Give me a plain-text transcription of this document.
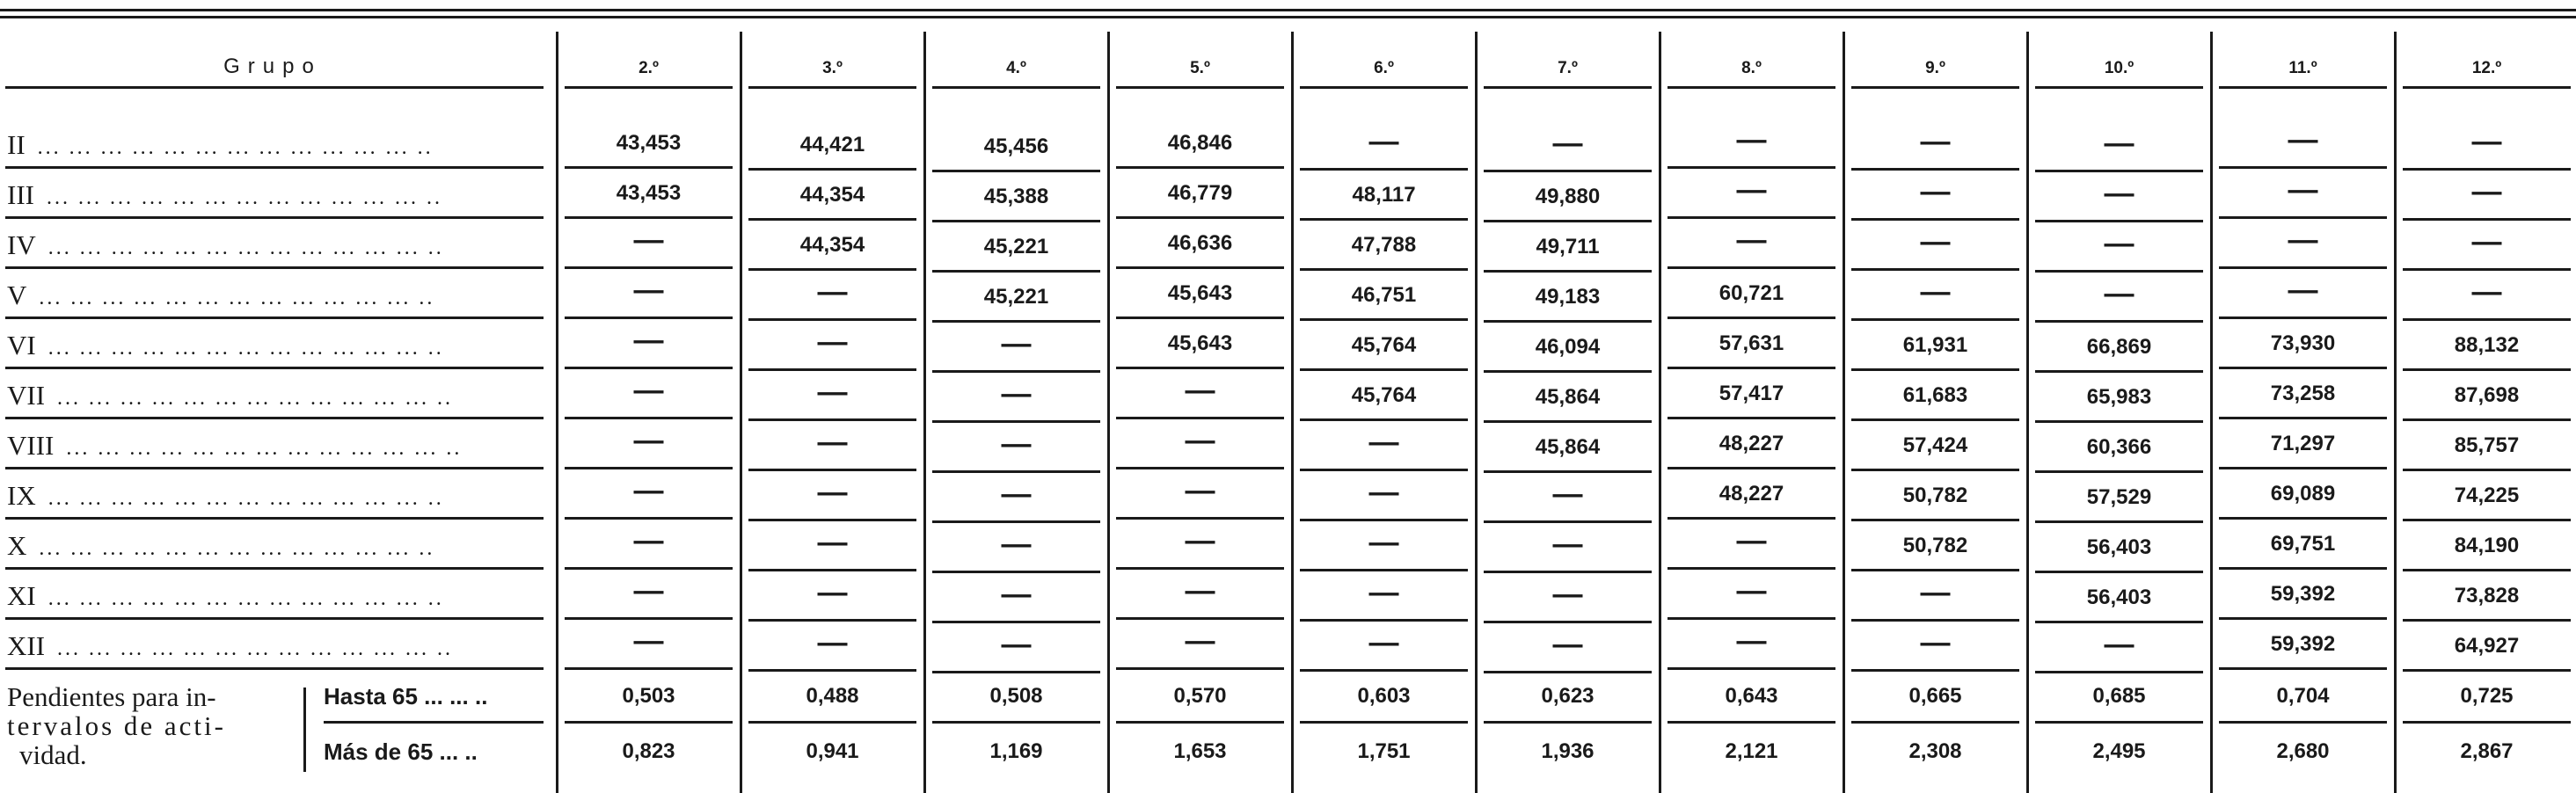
Grupo
Pendientes para in-
tervalos de acti-
vidad.
2.º	3.º	4.º	5.º	6.º	7.º	8.º	9.º	10.º	11.º	12.º
II ... ... ... ... ... ... ... ... ... ... ... ... ..	43,453	44,421	45,456	46,846	—	—	—	—	—	—	—
III ... ... ... ... ... ... ... ... ... ... ... ... ..	43,453	44,354	45,388	46,779	48,117	49,880	—	—	—	—	—
IV ... ... ... ... ... ... ... ... ... ... ... ... ..	—	44,354	45,221	46,636	47,788	49,711	—	—	—	—	—
V ... ... ... ... ... ... ... ... ... ... ... ... ..	—	—	45,221	45,643	46,751	49,183	60,721	—	—	—	—
VI ... ... ... ... ... ... ... ... ... ... ... ... ..	—	—	—	45,643	45,764	46,094	57,631	61,931	66,869	73,930	88,132
VII ... ... ... ... ... ... ... ... ... ... ... ... ..	—	—	—	—	45,764	45,864	57,417	61,683	65,983	73,258	87,698
VIII ... ... ... ... ... ... ... ... ... ... ... ... ..	—	—	—	—	—	45,864	48,227	57,424	60,366	71,297	85,757
IX ... ... ... ... ... ... ... ... ... ... ... ... ..	—	—	—	—	—	—	48,227	50,782	57,529	69,089	74,225
X ... ... ... ... ... ... ... ... ... ... ... ... ..	—	—	—	—	—	—	—	50,782	56,403	69,751	84,190
XI ... ... ... ... ... ... ... ... ... ... ... ... ..	—	—	—	—	—	—	—	—	56,403	59,392	73,828
XII ... ... ... ... ... ... ... ... ... ... ... ... ..	—	—	—	—	—	—	—	—	—	59,392	64,927
Hasta 65 ... ... ..	0,503	0,488	0,508	0,570	0,603	0,623	0,643	0,665	0,685	0,704	0,725
Más de 65 ... ..	0,823	0,941	1,169	1,653	1,751	1,936	2,121	2,308	2,495	2,680	2,867
